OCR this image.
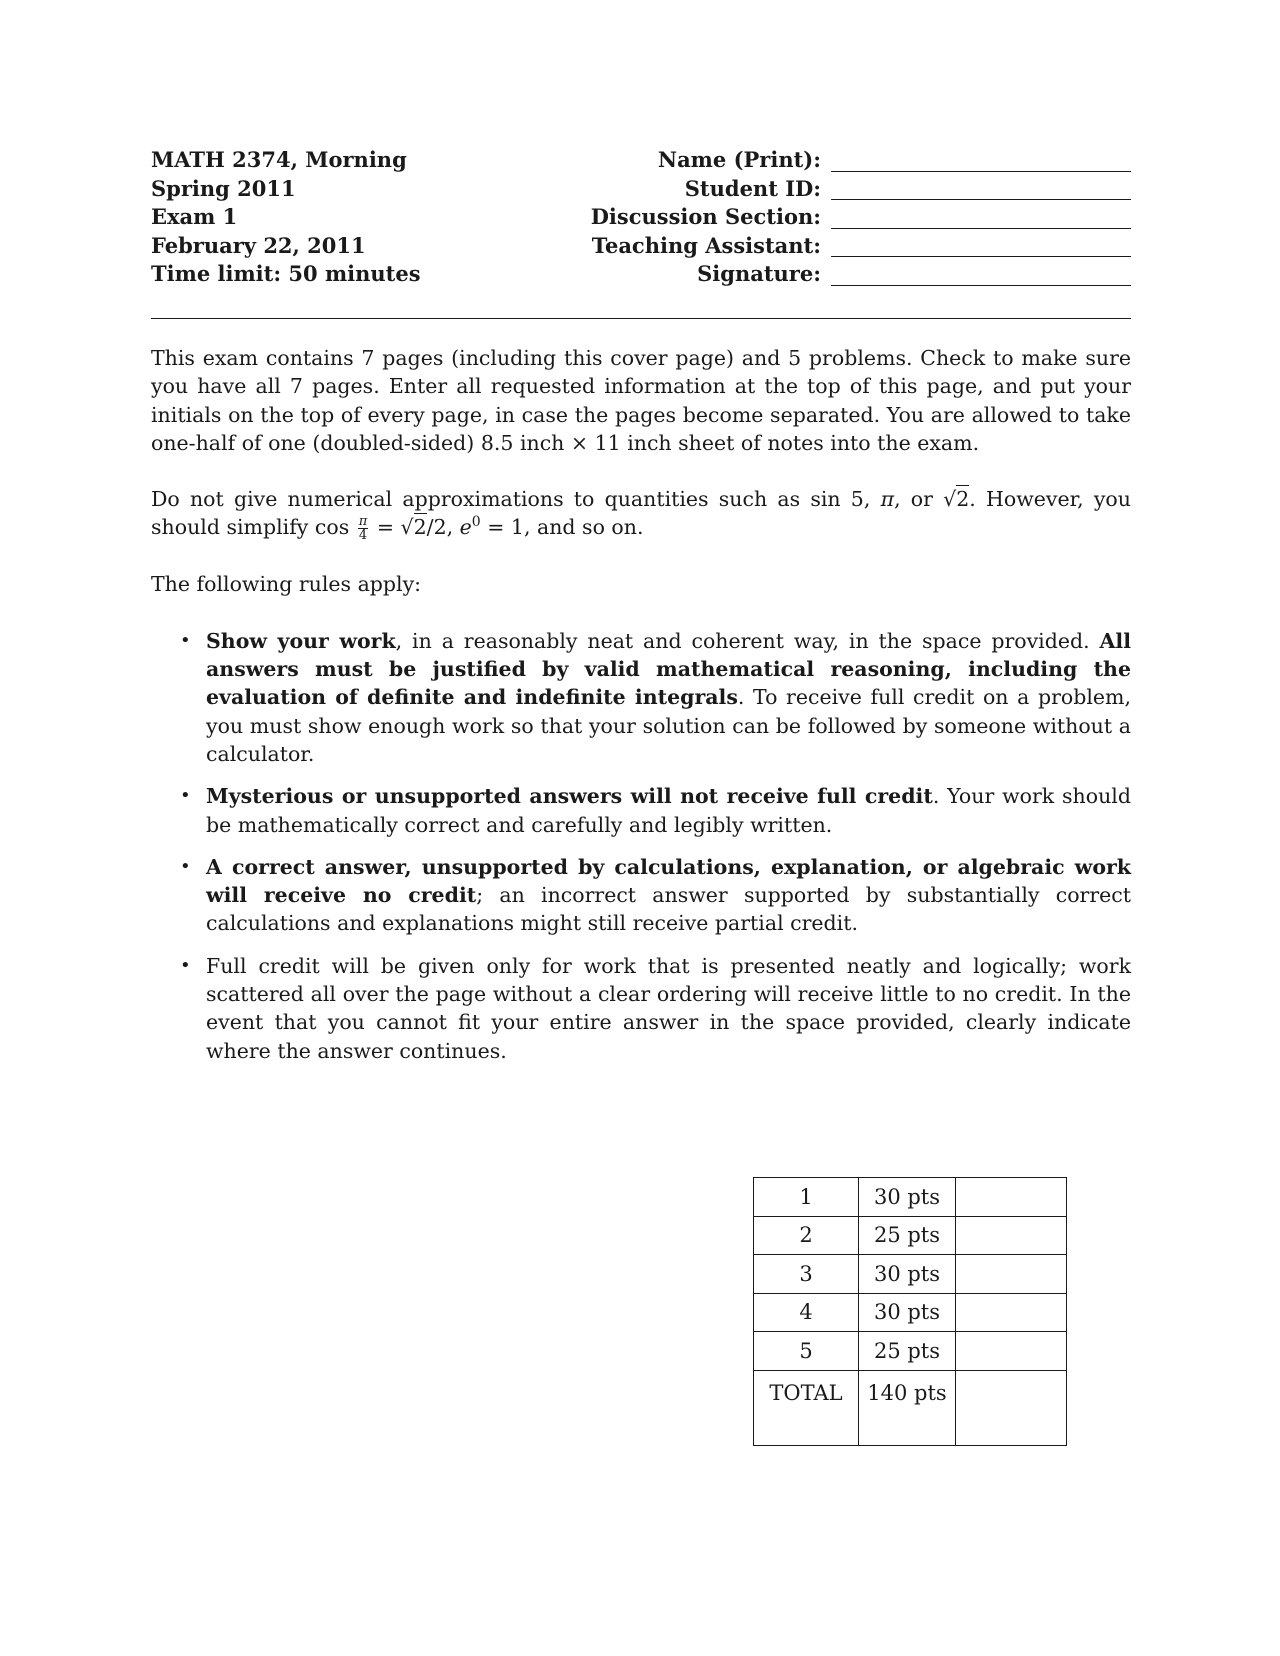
MATH 2374, Morning
Spring 2011
Exam 1
February 22, 2011
Time limit: 50 minutes
Name (Print):
Student ID:
Discussion Section:
Teaching Assistant:
Signature:

This exam contains 7 pages (including this cover page) and 5 problems. Check to make sure you have all 7 pages. Enter all requested information at the top of this page, and put your initials on the top of every page, in case the pages become separated. You are allowed to take one-half of one (doubled-sided) 8.5 inch × 11 inch sheet of notes into the exam.

Do not give numerical approximations to quantities such as sin 5, π, or √2. However, you should simplify $\cos \frac{\pi}{4} = √2/2$, $e^0 = 1$, and so on.

The following rules apply:

• Show your work, in a reasonably neat and coherent way, in the space provided. All answers must be justified by valid mathematical reasoning, including the evaluation of definite and indefinite integrals. To receive full credit on a problem, you must show enough work so that your solution can be followed by someone without a calculator.
• Mysterious or unsupported answers will not receive full credit. Your work should be mathematically correct and carefully and legibly written.
• A correct answer, unsupported by calculations, explanation, or algebraic work will receive no credit; an incorrect answer supported by substantially correct calculations and explanations might still receive partial credit.
• Full credit will be given only for work that is presented neatly and logically; work scattered all over the page without a clear ordering will receive little to no credit. In the event that you cannot fit your entire answer in the space provided, clearly indicate where the answer continues.
1	30 pts	
2	25 pts	
3	30 pts	
4	30 pts	
5	25 pts	
TOTAL	140 pts	
